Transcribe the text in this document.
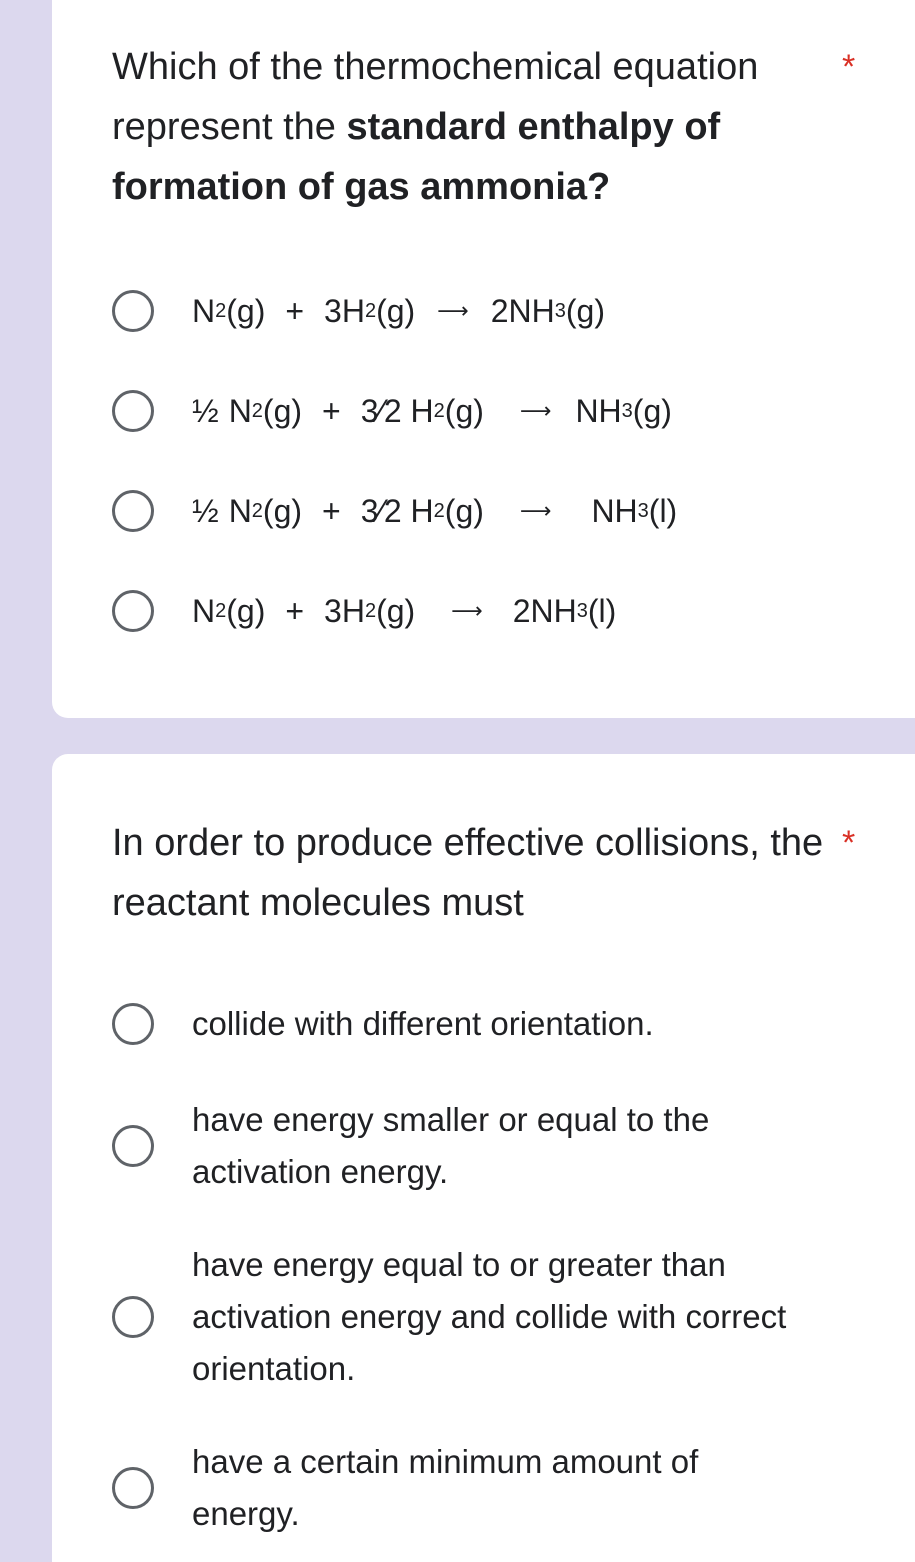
Which of the thermochemical equation represent the standard enthalpy of formation of gas ammonia?

*
N 2 (g) + 3H 2 (g) ⟶ 2NH 3 (g)
½ N 2 (g) + 3⁄2 H 2 (g) ⟶ NH 3 (g)
½ N 2 (g) + 3⁄2 H 2 (g) ⟶ NH 3 (l)
N 2 (g) + 3H 2 (g) ⟶ 2NH 3 (l)

In order to produce effective collisions, the reactant molecules must

*
collide with different orientation.
have energy smaller or equal to the activation energy.
have energy equal to or greater than activation energy and collide with correct orientation.
have a certain minimum amount of energy.
